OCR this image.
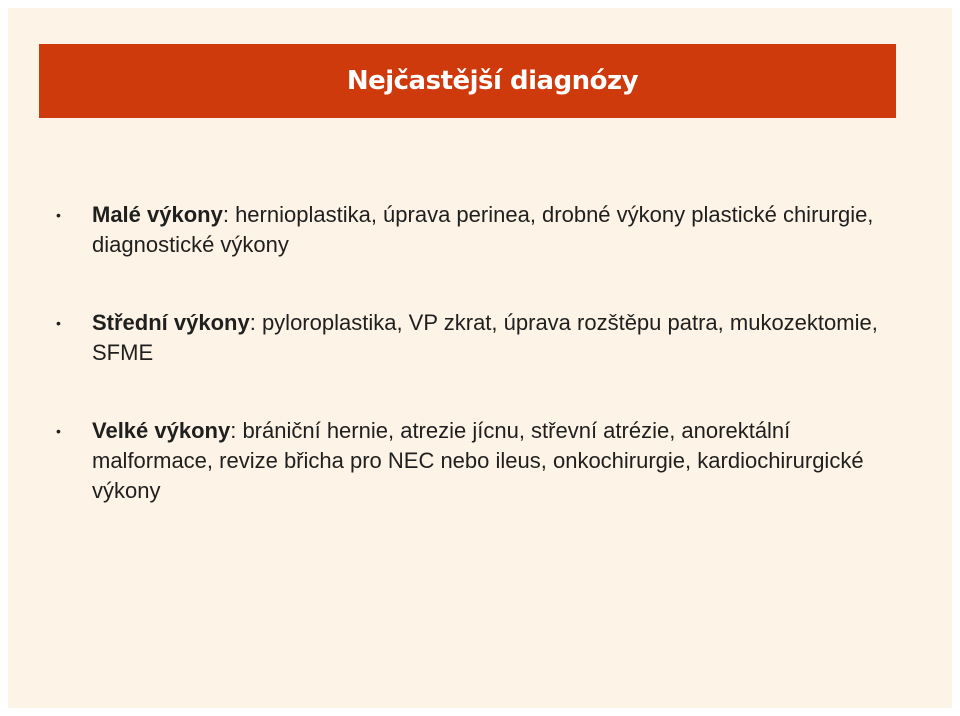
Nejčastější diagnózy
•	Malé výkony: hernioplastika, úprava perinea, drobné výkony plastické chirurgie, diagnostické výkony
•	Střední výkony: pyloroplastika, VP zkrat, úprava rozštěpu patra, mukozektomie, SFME
•	Velké výkony: brániční hernie, atrezie jícnu, střevní atrézie, anorektální malformace, revize břicha pro NEC nebo ileus, onkochirurgie, kardiochirurgické výkony
